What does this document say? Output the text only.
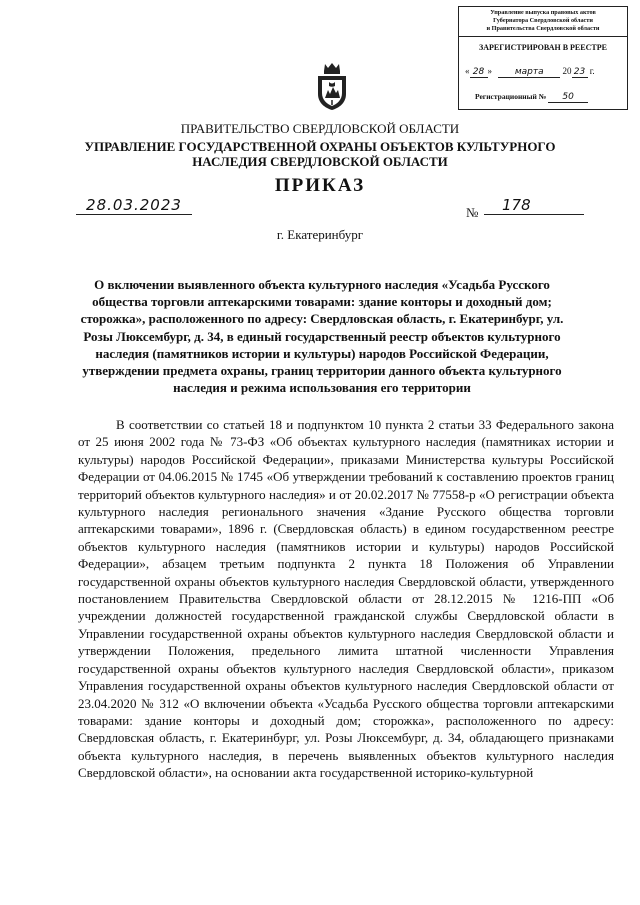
Управление выпуска правовых актов
Губернатора Свердловской области
и Правительства Свердловской области
ЗАРЕГИСТРИРОВАН В РЕЕСТРЕ
« 28 »	марта 20 23 г.
Регистрационный № 50
ПРАВИТЕЛЬСТВО СВЕРДЛОВСКОЙ ОБЛАСТИ
УПРАВЛЕНИЕ ГОСУДАРСТВЕННОЙ ОХРАНЫ ОБЪЕКТОВ КУЛЬТУРНОГО НАСЛЕДИЯ СВЕРДЛОВСКОЙ ОБЛАСТИ
ПРИКАЗ
28.03.2023	№	178
г. Екатеринбург
О включении выявленного объекта культурного наследия «Усадьба Русского общества торговли аптекарскими товарами: здание конторы и доходный дом; сторожка», расположенного по адресу: Свердловская область, г. Екатеринбург, ул. Розы Люксембург, д. 34, в единый государственный реестр объектов культурного наследия (памятников истории и культуры) народов Российской Федерации, утверждении предмета охраны, границ территории данного объекта культурного наследия и режима использования его территории

В соответствии со статьей 18 и подпунктом 10 пункта 2 статьи 33 Федерального закона от 25 июня 2002 года № 73-ФЗ «Об объектах культурного наследия (памятниках истории и культуры) народов Российской Федерации», приказами Министерства культуры Российской Федерации от 04.06.2015 № 1745 «Об утверждении требований к составлению проектов границ территорий объектов культурного наследия» и от 20.02.2017 № 77558-р «О регистрации объекта культурного наследия регионального значения «Здание Русского общества торговли аптекарскими товарами», 1896 г. (Свердловская область) в едином государственном реестре объектов культурного наследия (памятников истории и культуры) народов Российской Федерации», абзацем третьим подпункта 2 пункта 18 Положения об Управлении государственной охраны объектов культурного наследия Свердловской области, утвержденного постановлением Правительства Свердловской области от 28.12.2015 № 1216-ПП «Об учреждении должностей государственной гражданской службы Свердловской области в Управлении государственной охраны объектов культурного наследия Свердловской области и утверждении Положения, предельного лимита штатной численности Управления государственной охраны объектов культурного наследия Свердловской области», приказом Управления государственной охраны объектов культурного наследия Свердловской области от 23.04.2020 № 312 «О включении объекта «Усадьба Русского общества торговли аптекарскими товарами: здание конторы и доходный дом; сторожка», расположенного по адресу: Свердловская область, г. Екатеринбург, ул. Розы Люксембург, д. 34, обладающего признаками объекта культурного наследия, в перечень выявленных объектов культурного наследия Свердловской области», на основании акта государственной историко-культурной
